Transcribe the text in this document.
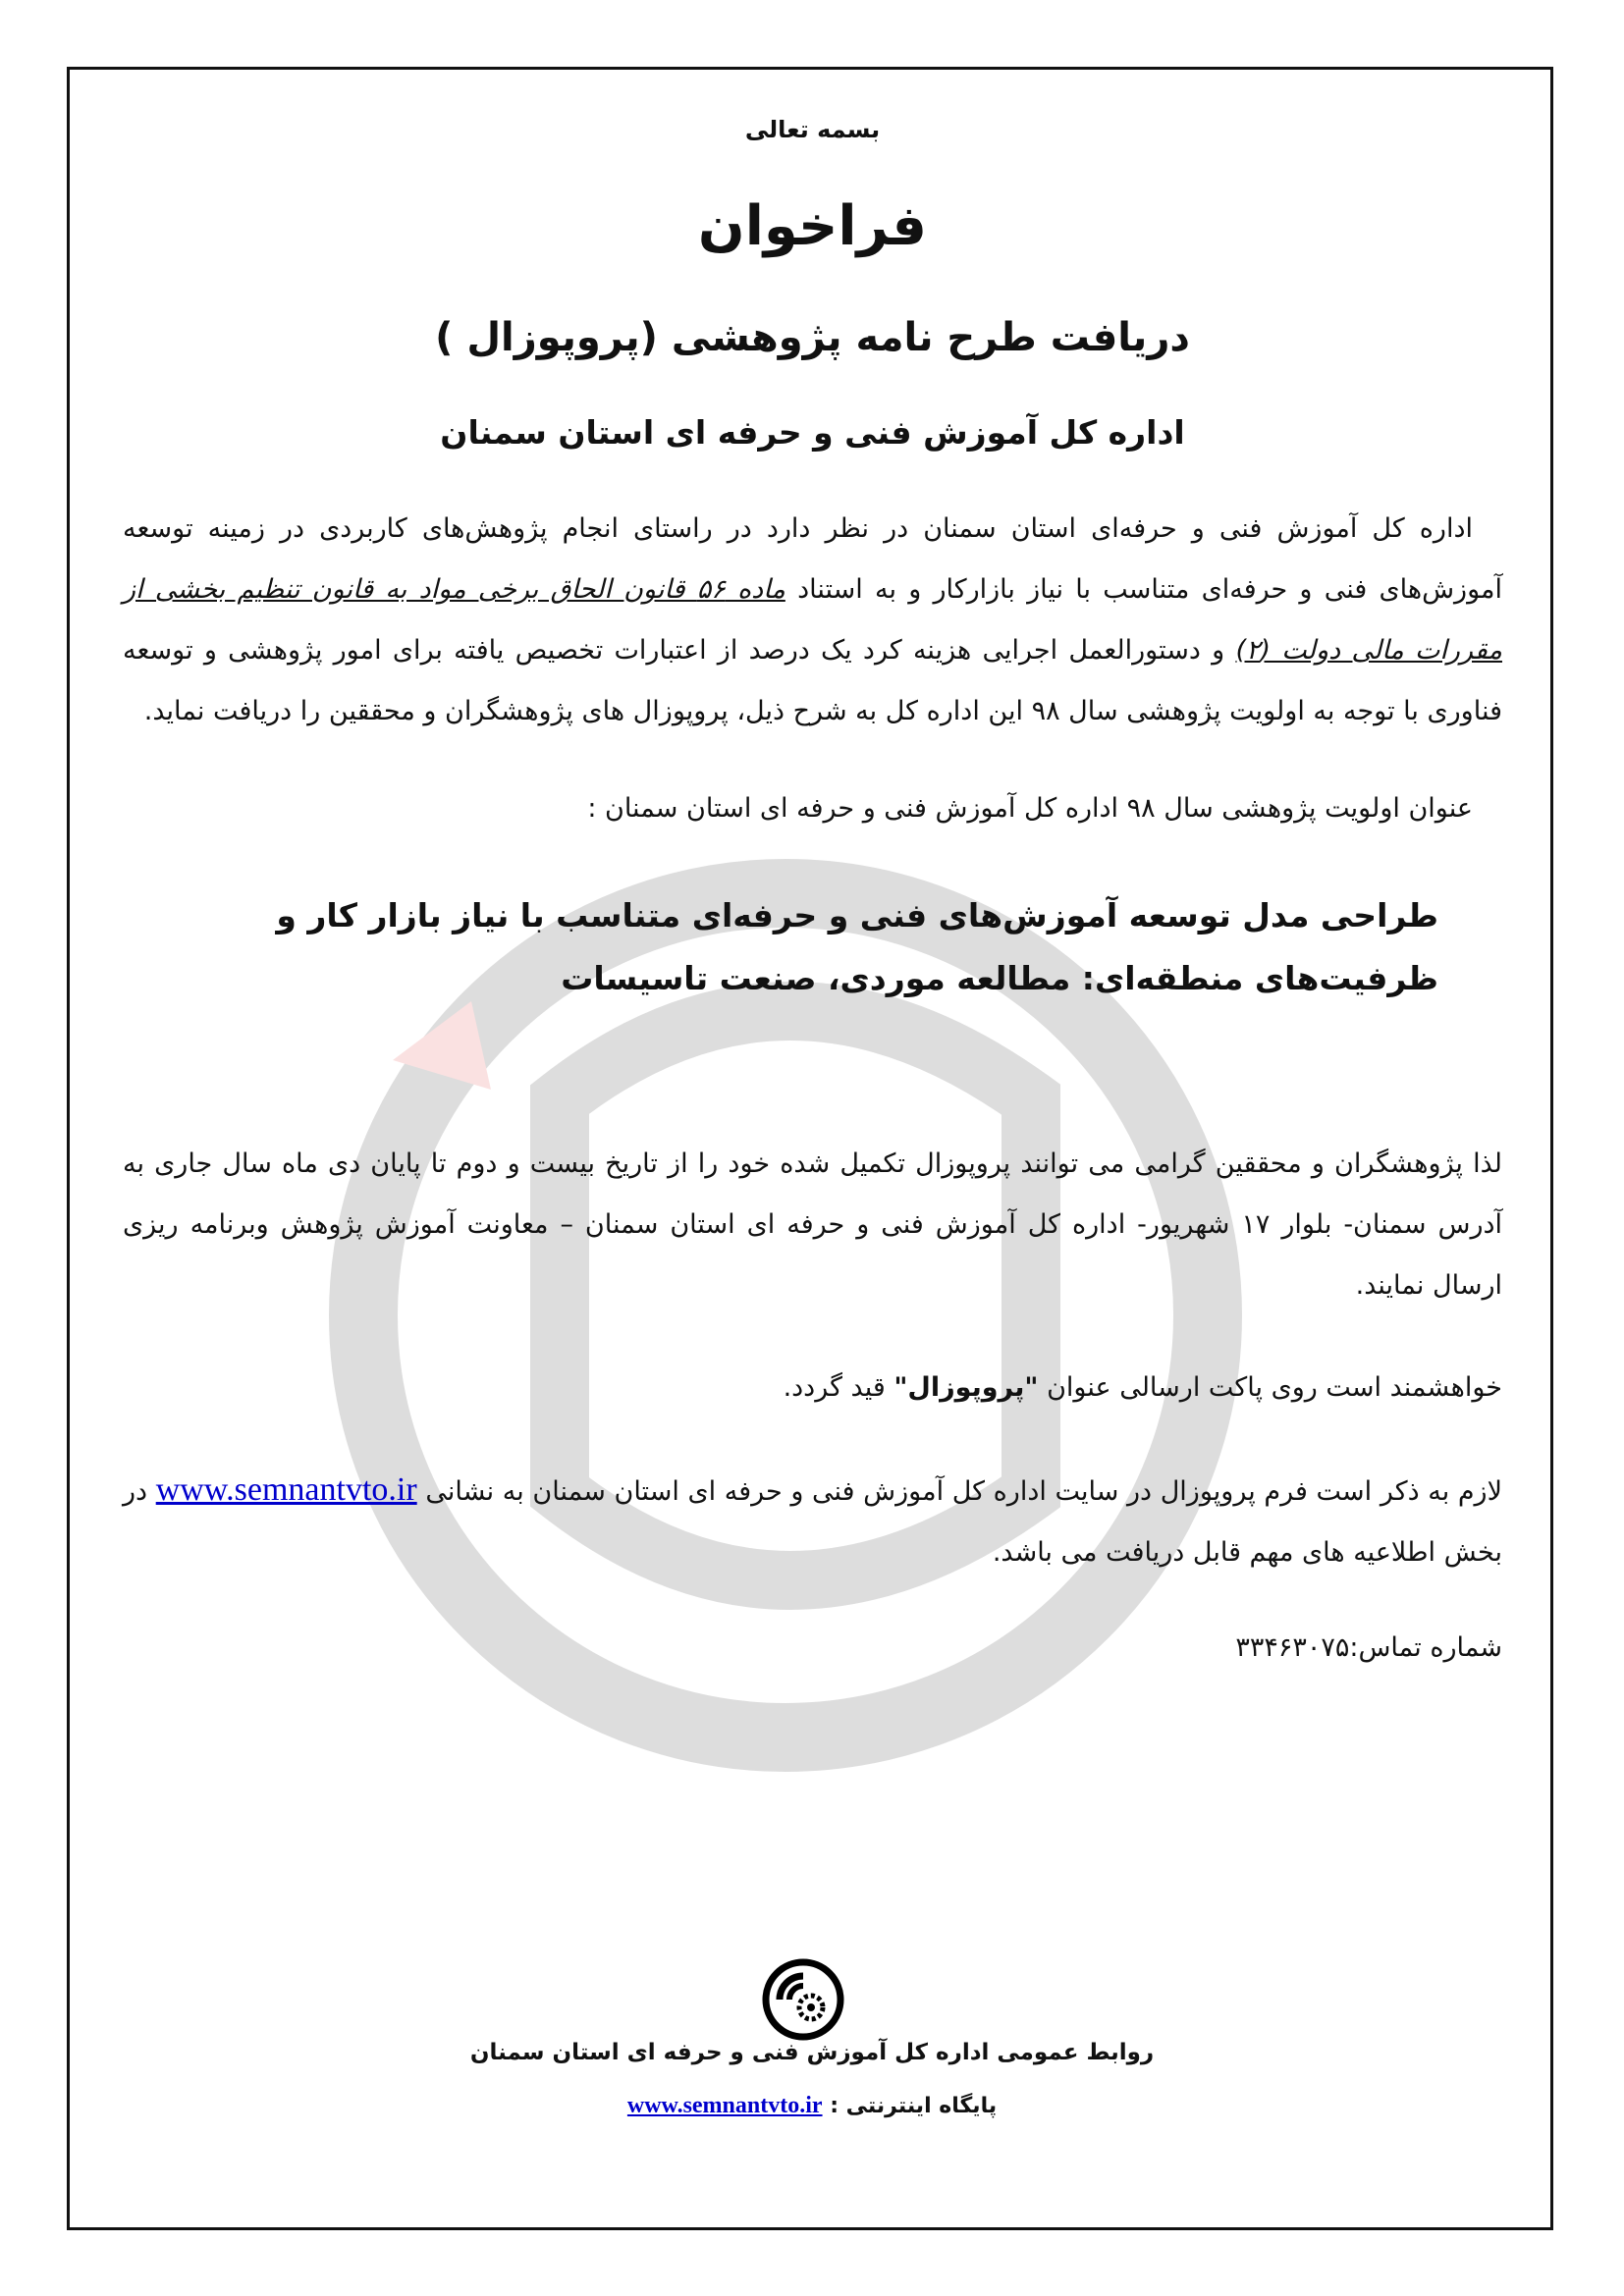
بسمه تعالی
فراخوان
دریافت طرح نامه پژوهشی (پروپوزال )
اداره کل آموزش فنی و حرفه ای استان سمنان

اداره کل آموزش فنی و حرفه‌ای استان سمنان در نظر دارد در راستای انجام پژوهش‌های کاربردی در زمینه توسعه آموزش‌های فنی و حرفه‌ای متناسب با نیاز بازارکار و به استناد ماده ۵۶ قانون الحاق برخی مواد به قانون تنظیم بخشی از مقررات مالی دولت (۲) و دستورالعمل اجرایی هزینه کرد یک درصد از اعتبارات تخصیص یافته برای امور پژوهشی و توسعه فناوری با توجه به اولویت پژوهشی سال ۹۸ این اداره کل به شرح ذیل، پروپوزال های پژوهشگران و محققین را دریافت نماید.

عنوان اولویت پژوهشی سال ۹۸ اداره کل آموزش فنی و حرفه ای استان سمنان :
طراحی مدل توسعه آموزش‌های فنی و حرفه‌ای متناسب با نیاز بازار کار و ظرفیت‌های منطقه‌ای: مطالعه موردی، صنعت تاسیسات

لذا پژوهشگران و محققین گرامی می توانند پروپوزال تکمیل شده خود را از تاریخ بیست و دوم تا پایان دی ماه سال جاری به آدرس سمنان- بلوار ۱۷ شهریور- اداره کل آموزش فنی و حرفه ای استان سمنان – معاونت آموزش پژوهش وبرنامه ریزی ارسال نمایند.

خواهشمند است روی پاکت ارسالی عنوان "پروپوزال" قید گردد.

لازم به ذکر است فرم پروپوزال در سایت اداره کل آموزش فنی و حرفه ای استان سمنان به نشانی www.semnantvto.ir در بخش اطلاعیه های مهم قابل دریافت می باشد.

شماره تماس:۳۳۴۶۳۰۷۵
روابط عمومی اداره کل آموزش فنی و حرفه ای استان سمنان
پایگاه اینترنتی : www.semnantvto.ir
